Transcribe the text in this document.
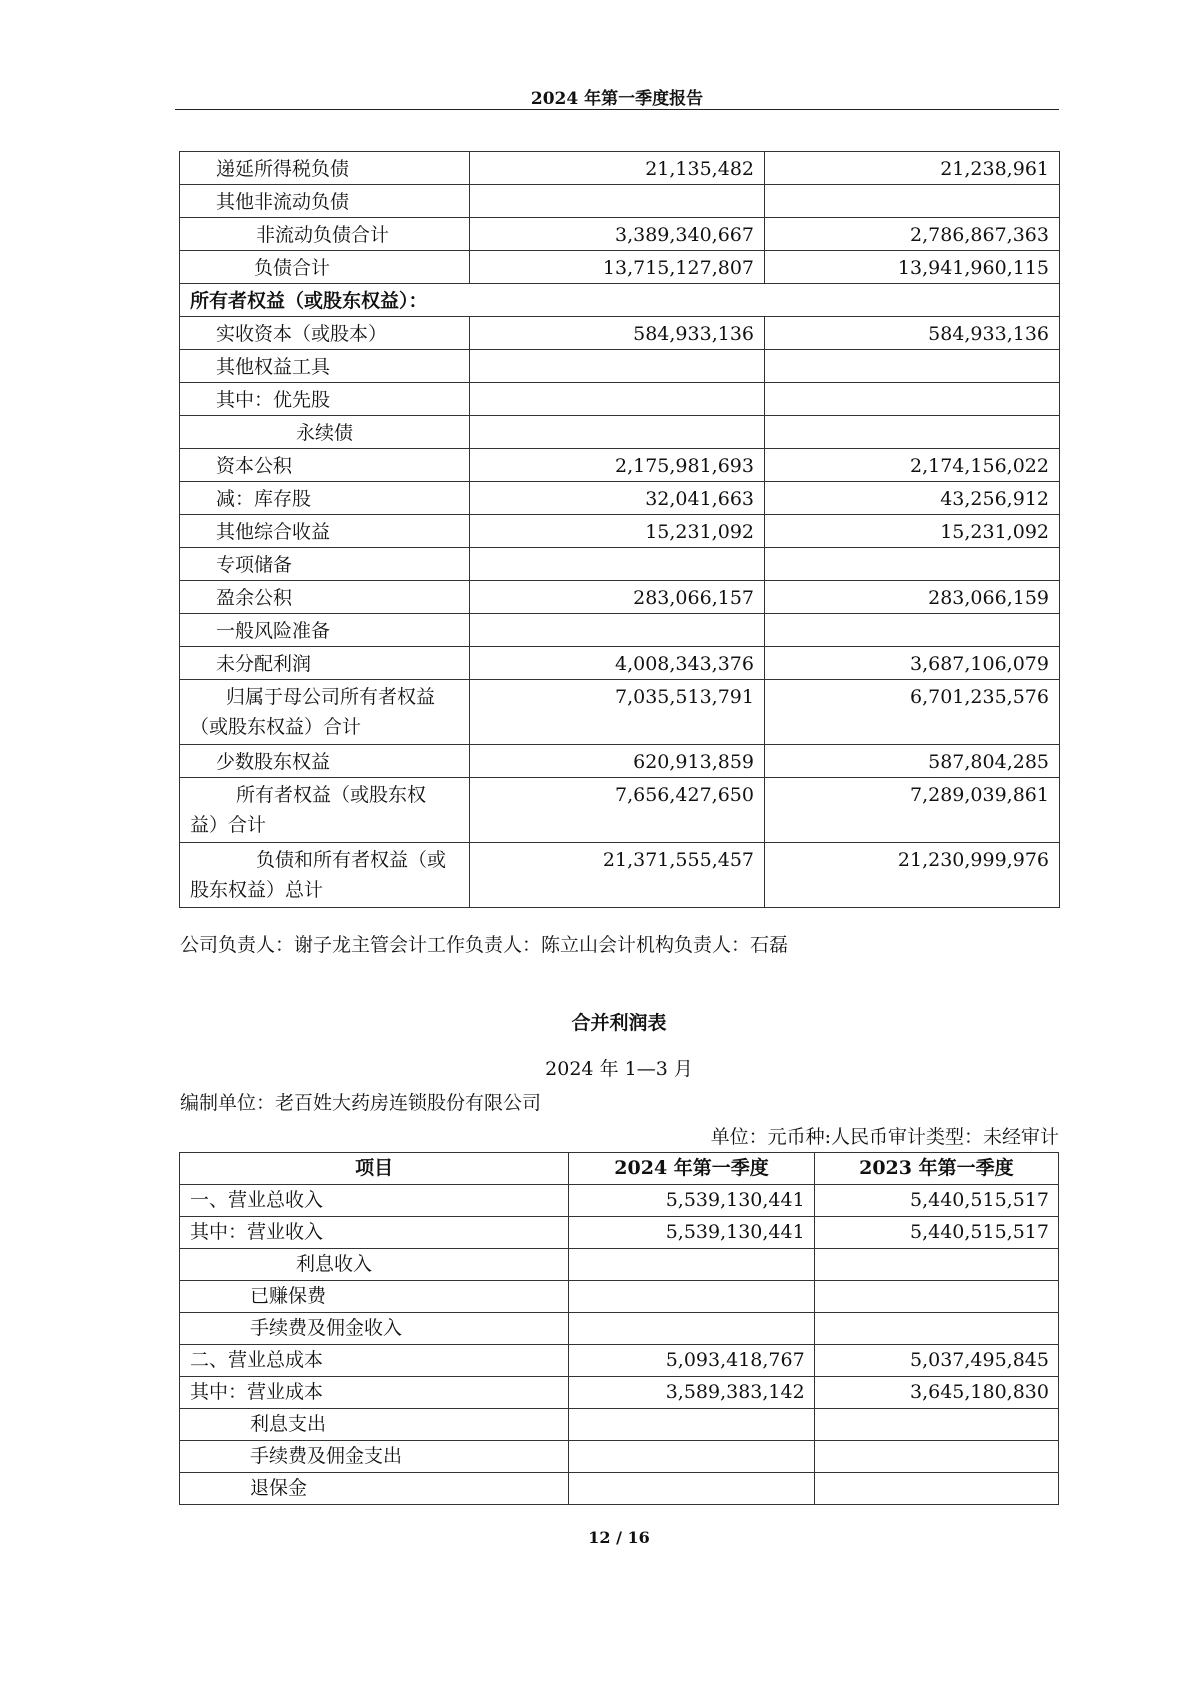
2024 年第一季度报告
递延所得税负债	21,135,482	21,238,961
其他非流动负债		
非流动负债合计	3,389,340,667	2,786,867,363
负债合计	13,715,127,807	13,941,960,115
所有者权益（或股东权益）：		
实收资本（或股本）	584,933,136	584,933,136
其他权益工具		
其中：优先股		
永续债		
资本公积	2,175,981,693	2,174,156,022
减：库存股	32,041,663	43,256,912
其他综合收益	15,231,092	15,231,092
专项储备		
盈余公积	283,066,157	283,066,159
一般风险准备		
未分配利润	4,008,343,376	3,687,106,079

归属于母公司所有者权益
（或股东权益）合计	7,035,513,791	6,701,235,576
少数股东权益	620,913,859	587,804,285

所有者权益（或股东权
益）合计	7,656,427,650	7,289,039,861

负债和所有者权益（或
股东权益）总计	21,371,555,457	21,230,999,976
公司负责人：谢子龙主管会计工作负责人：陈立山会计机构负责人：石磊
合并利润表
2024 年 1—3 月
编制单位：老百姓大药房连锁股份有限公司
单位：元币种:人民币审计类型：未经审计
项目	2024 年第一季度	2023 年第一季度
一、营业总收入	5,539,130,441	5,440,515,517
其中：营业收入	5,539,130,441	5,440,515,517
利息收入		
已赚保费		
手续费及佣金收入		
二、营业总成本	5,093,418,767	5,037,495,845
其中：营业成本	3,589,383,142	3,645,180,830
利息支出		
手续费及佣金支出		
退保金		
12 / 16
